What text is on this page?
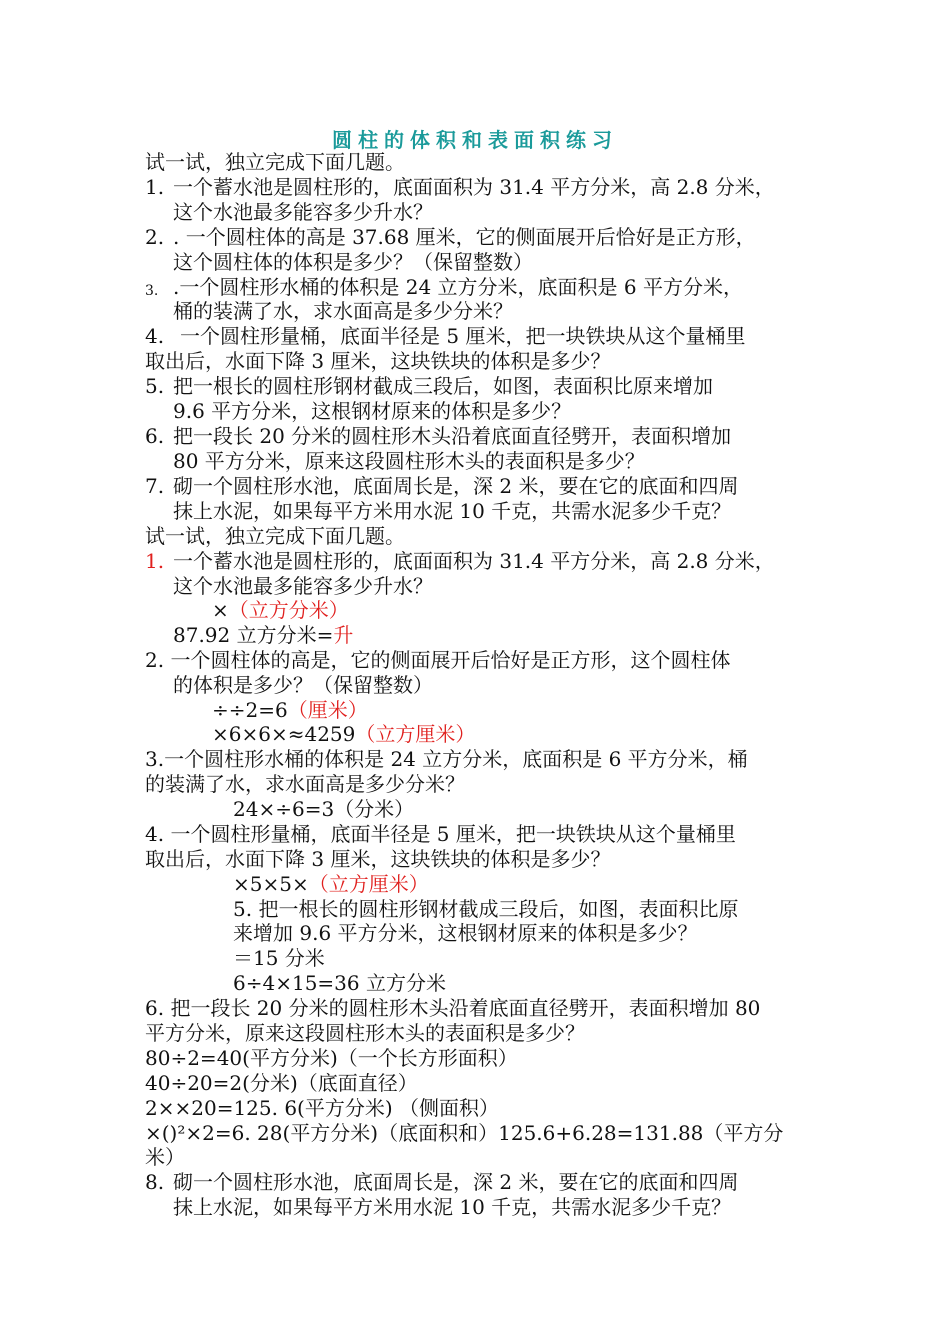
圆柱的体积和表面积练习
试一试，独立完成下面几题。
1. 一个蓄水池是圆柱形的，底面面积为 31.4 平方分米，高 2.8 分米，
这个水池最多能容多少升水？
2. . 一个圆柱体的高是 37.68 厘米，它的侧面展开后恰好是正方形，
这个圆柱体的体积是多少？（保留整数）
3. .一个圆柱形水桶的体积是 24 立方分米，底面积是 6 平方分米，
桶的装满了水，求水面高是多少分米？
4. 一个圆柱形量桶，底面半径是 5 厘米，把一块铁块从这个量桶里
取出后，水面下降 3 厘米，这块铁块的体积是多少？
5. 把一根长的圆柱形钢材截成三段后，如图，表面积比原来增加
9.6 平方分米，这根钢材原来的体积是多少？
6. 把一段长 20 分米的圆柱形木头沿着底面直径劈开，表面积增加
80 平方分米，原来这段圆柱形木头的表面积是多少？
7. 砌一个圆柱形水池，底面周长是，深 2 米，要在它的底面和四周
抹上水泥，如果每平方米用水泥 10 千克，共需水泥多少千克？
试一试，独立完成下面几题。
1. 一个蓄水池是圆柱形的，底面面积为 31.4 平方分米，高 2.8 分米，
这个水池最多能容多少升水？
×（立方分米）
87.92 立方分米=升
2. 一个圆柱体的高是，它的侧面展开后恰好是正方形，这个圆柱体
的体积是多少？（保留整数）
÷÷2=6（厘米）
×6×6×≈4259（立方厘米）
3.一个圆柱形水桶的体积是 24 立方分米，底面积是 6 平方分米，桶
的装满了水，求水面高是多少分米？
24×÷6=3（分米）
4. 一个圆柱形量桶，底面半径是 5 厘米，把一块铁块从这个量桶里
取出后，水面下降 3 厘米，这块铁块的体积是多少？
×5×5×（立方厘米）
5. 把一根长的圆柱形钢材截成三段后，如图，表面积比原
来增加 9.6 平方分米，这根钢材原来的体积是多少？
＝15 分米
6÷4×15=36 立方分米
6. 把一段长 20 分米的圆柱形木头沿着底面直径劈开，表面积增加 80
平方分米，原来这段圆柱形木头的表面积是多少？
80÷2=40(平方分米)（一个长方形面积）
40÷20=2(分米)（底面直径）
2××20=125. 6(平方分米) （侧面积）
×()²×2=6. 28(平方分米)（底面积和）125.6+6.28=131.88（平方分
米）
8. 砌一个圆柱形水池，底面周长是，深 2 米，要在它的底面和四周
抹上水泥，如果每平方米用水泥 10 千克，共需水泥多少千克？
